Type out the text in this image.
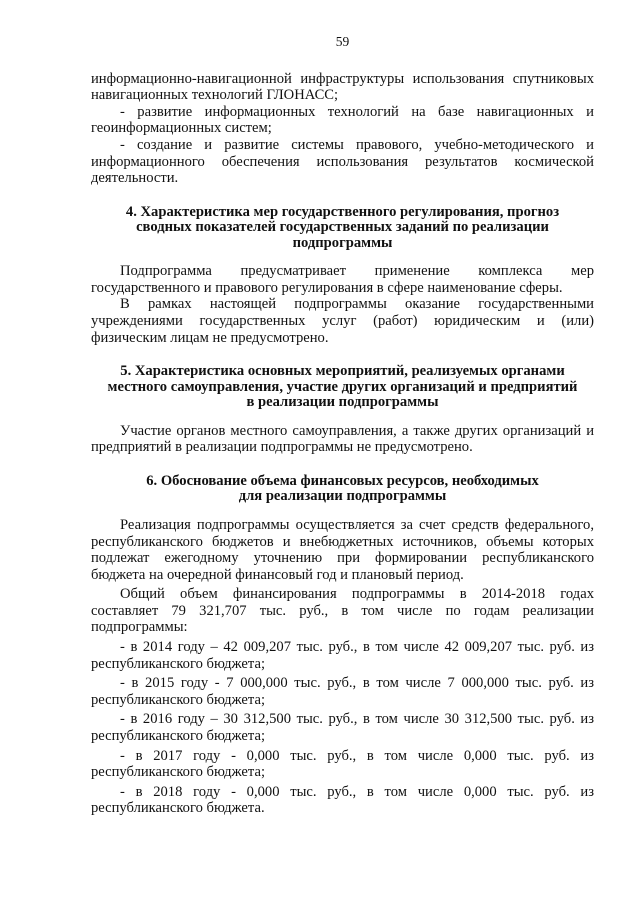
59

информационно-навигационной инфраструктуры использования спутниковых навигационных технологий ГЛОНАСС;

- развитие информационных технологий на базе навигационных и геоинформационных систем;

- создание и развитие системы правового, учебно-методического и информационного обеспечения использования результатов космической деятельности.

4. Характеристика мер государственного регулирования, прогноз
сводных показателей государственных заданий по реализации
подпрограммы

Подпрограмма предусматривает применение комплекса мер государственного и правового регулирования в сфере наименование сферы.

В рамках настоящей подпрограммы оказание государственными учреждениями государственных услуг (работ) юридическим и (или) физическим лицам не предусмотрено.

5. Характеристика основных мероприятий, реализуемых органами
местного самоуправления, участие других организаций и предприятий
в реализации подпрограммы

Участие органов местного самоуправления, а также других организаций и предприятий в реализации подпрограммы не предусмотрено.

6. Обоснование объема финансовых ресурсов, необходимых
для реализации подпрограммы

Реализация подпрограммы осуществляется за счет средств федерального, республиканского бюджетов и внебюджетных источников, объемы которых подлежат ежегодному уточнению при формировании республиканского бюджета на очередной финансовый год и плановый период.

Общий объем финансирования подпрограммы в 2014-2018 годах составляет 79 321,707 тыс. руб., в том числе по годам реализации подпрограммы:

- в 2014 году – 42 009,207 тыс. руб., в том числе 42 009,207 тыс. руб. из республиканского бюджета;

- в 2015 году - 7 000,000 тыс. руб., в том числе 7 000,000 тыс. руб. из республиканского бюджета;

- в 2016 году – 30 312,500 тыс. руб., в том числе 30 312,500 тыс. руб. из республиканского бюджета;

- в 2017 году - 0,000 тыс. руб., в том числе 0,000 тыс. руб. из республиканского бюджета;

- в 2018 году - 0,000 тыс. руб., в том числе 0,000 тыс. руб. из республиканского бюджета.
